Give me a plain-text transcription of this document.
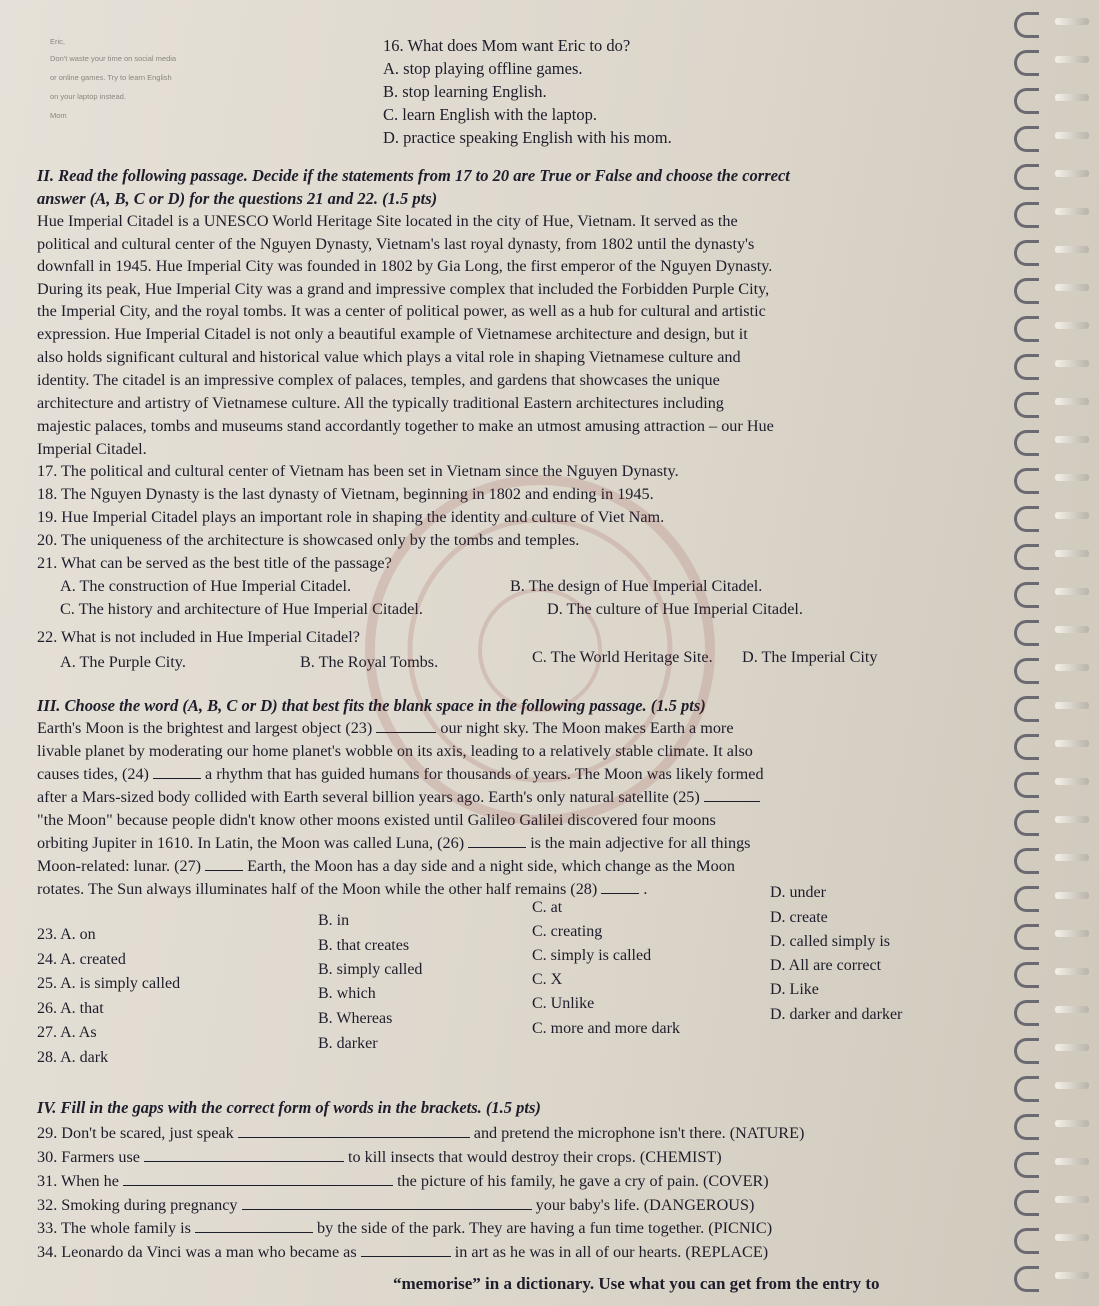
Eric,
Don't waste your time on social media
or online games. Try to learn English
on your laptop instead.
Mom
16. What does Mom want Eric to do?
A. stop playing offline games.
B. stop learning English.
C. learn English with the laptop.
D. practice speaking English with his mom.
II. Read the following passage. Decide if the statements from 17 to 20 are True or False and choose the correct
answer (A, B, C or D) for the questions 21 and 22. (1.5 pts)
Hue Imperial Citadel is a UNESCO World Heritage Site located in the city of Hue, Vietnam. It served as the
political and cultural center of the Nguyen Dynasty, Vietnam's last royal dynasty, from 1802 until the dynasty's
downfall in 1945. Hue Imperial City was founded in 1802 by Gia Long, the first emperor of the Nguyen Dynasty.
During its peak, Hue Imperial City was a grand and impressive complex that included the Forbidden Purple City,
the Imperial City, and the royal tombs. It was a center of political power, as well as a hub for cultural and artistic
expression. Hue Imperial Citadel is not only a beautiful example of Vietnamese architecture and design, but it
also holds significant cultural and historical value which plays a vital role in shaping Vietnamese culture and
identity. The citadel is an impressive complex of palaces, temples, and gardens that showcases the unique
architecture and artistry of Vietnamese culture. All the typically traditional Eastern architectures including
majestic palaces, tombs and museums stand accordantly together to make an utmost amusing attraction – our Hue
Imperial Citadel.
17. The political and cultural center of Vietnam has been set in Vietnam since the Nguyen Dynasty.
18. The Nguyen Dynasty is the last dynasty of Vietnam, beginning in 1802 and ending in 1945.
19. Hue Imperial Citadel plays an important role in shaping the identity and culture of Viet Nam.
20. The uniqueness of the architecture is showcased only by the tombs and temples.
21. What can be served as the best title of the passage?
A. The construction of Hue Imperial Citadel.	B. The design of Hue Imperial Citadel.
C. The history and architecture of Hue Imperial Citadel.	D. The culture of Hue Imperial Citadel.
22. What is not included in Hue Imperial Citadel?
A. The Purple City.	B. The Royal Tombs.	C. The World Heritage Site. D. The Imperial City
III. Choose the word (A, B, C or D) that best fits the blank space in the following passage. (1.5 pts)
Earth's Moon is the brightest and largest object (23)	our night sky. The Moon makes Earth a more
livable planet by moderating our home planet's wobble on its axis, leading to a relatively stable climate. It also
causes tides, (24)	a rhythm that has guided humans for thousands of years. The Moon was likely formed
after a Mars-sized body collided with Earth several billion years ago. Earth's only natural satellite (25)
"the Moon" because people didn't know other moons existed until Galileo Galilei discovered four moons
orbiting Jupiter in 1610. In Latin, the Moon was called Luna, (26)	is the main adjective for all things
Moon-related: lunar. (27)	Earth, the Moon has a day side and a night side, which change as the Moon
rotates. The Sun always illuminates half of the Moon while the other half remains (28)	.
23. A. on
B. in
C. at
D. under
24. A. created
B. that creates
C. creating
D. create
25. A. is simply called
B. simply called
C. simply is called
D. called simply is
26. A. that
B. which
C. X
D. All are correct
27. A. As
B. Whereas
C. Unlike
D. Like
28. A. dark
B. darker
C. more and more dark
D. darker and darker
IV. Fill in the gaps with the correct form of words in the brackets. (1.5 pts)
29. Don't be scared, just speak	and pretend the microphone isn't there. (NATURE)
30. Farmers use	to kill insects that would destroy their crops. (CHEMIST)
31. When he	the picture of his family, he gave a cry of pain. (COVER)
32. Smoking during pregnancy	your baby's life. (DANGEROUS)
33. The whole family is	by the side of the park. They are having a fun time together. (PICNIC)
34. Leonardo da Vinci was a man who became as	in art as he was in all of our hearts. (REPLACE)
“memorise” in a dictionary. Use what you can get from the entry to
